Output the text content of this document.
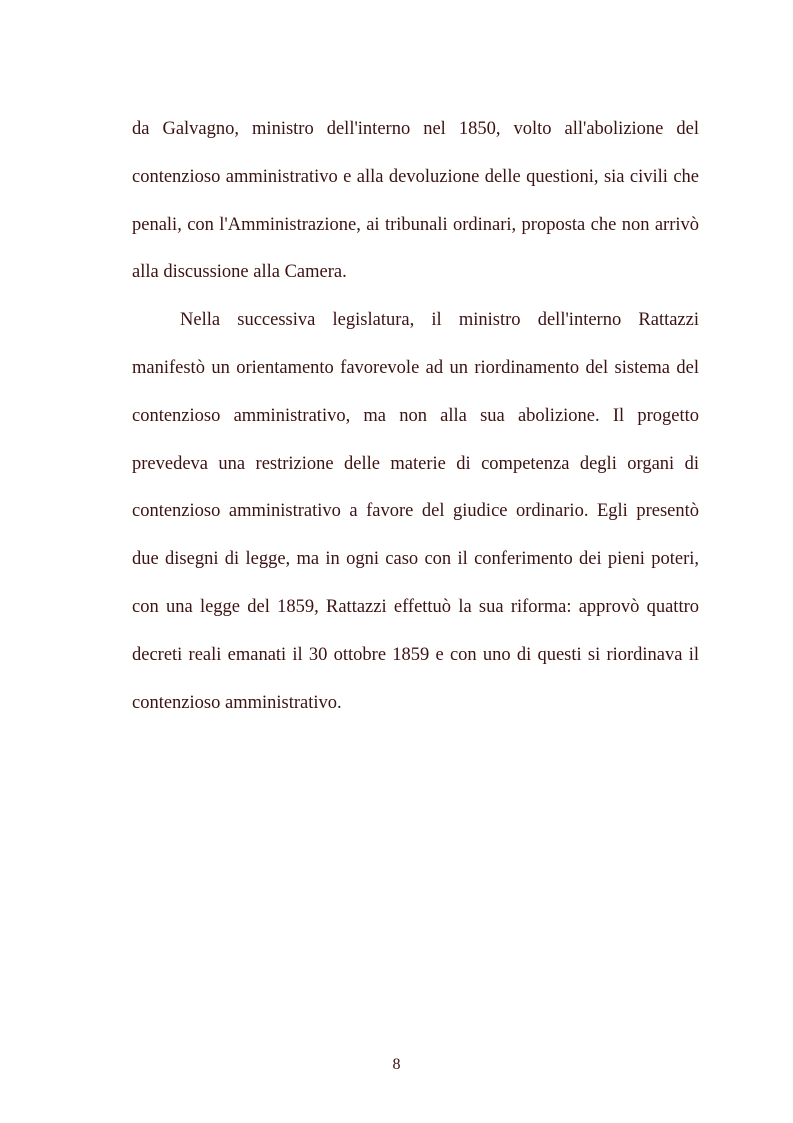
da Galvagno, ministro dell'interno nel 1850, volto all'abolizione del contenzioso amministrativo e alla devoluzione delle questioni, sia civili che penali, con l'Amministrazione, ai tribunali ordinari, proposta che non arrivò alla discussione alla Camera.

Nella successiva legislatura, il ministro dell'interno Rattazzi manifestò un orientamento favorevole ad un riordinamento del sistema del contenzioso amministrativo, ma non alla sua abolizione. Il progetto prevedeva una restrizione delle materie di competenza degli organi di contenzioso amministrativo a favore del giudice ordinario. Egli presentò due disegni di legge, ma in ogni caso con il conferimento dei pieni poteri, con una legge del 1859, Rattazzi effettuò la sua riforma: approvò quattro decreti reali emanati il 30 ottobre 1859 e con uno di questi si riordinava il contenzioso amministrativo.

8
